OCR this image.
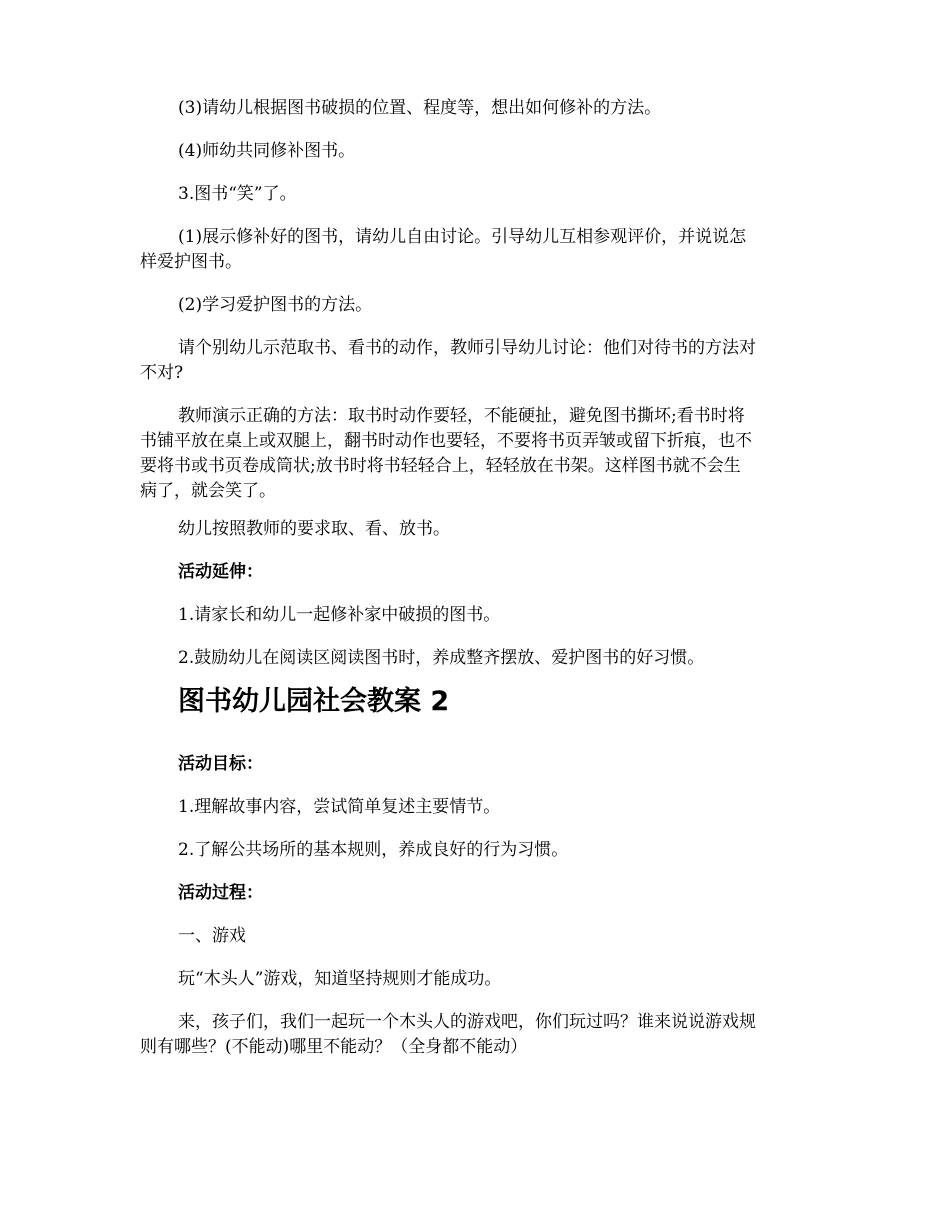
(3)请幼儿根据图书破损的位置、程度等，想出如何修补的方法。
(4)师幼共同修补图书。
3.图书“笑”了。
(1)展示修补好的图书，请幼儿自由讨论。引导幼儿互相参观评价，并说说怎
样爱护图书。
(2)学习爱护图书的方法。
请个别幼儿示范取书、看书的动作，教师引导幼儿讨论：他们对待书的方法对
不对?
教师演示正确的方法：取书时动作要轻，不能硬扯，避免图书撕坏;看书时将
书铺平放在桌上或双腿上，翻书时动作也要轻，不要将书页弄皱或留下折痕，也不
要将书或书页卷成筒状;放书时将书轻轻合上，轻轻放在书架。这样图书就不会生
病了，就会笑了。
幼儿按照教师的要求取、看、放书。
活动延伸：
1.请家长和幼儿一起修补家中破损的图书。
2.鼓励幼儿在阅读区阅读图书时，养成整齐摆放、爱护图书的好习惯。
图书幼儿园社会教案 2
活动目标：
1.理解故事内容，尝试简单复述主要情节。
2.了解公共场所的基本规则，养成良好的行为习惯。
活动过程：
一、游戏
玩“木头人”游戏，知道坚持规则才能成功。
来，孩子们，我们一起玩一个木头人的游戏吧，你们玩过吗？谁来说说游戏规
则有哪些？(不能动)哪里不能动？（全身都不能动）
